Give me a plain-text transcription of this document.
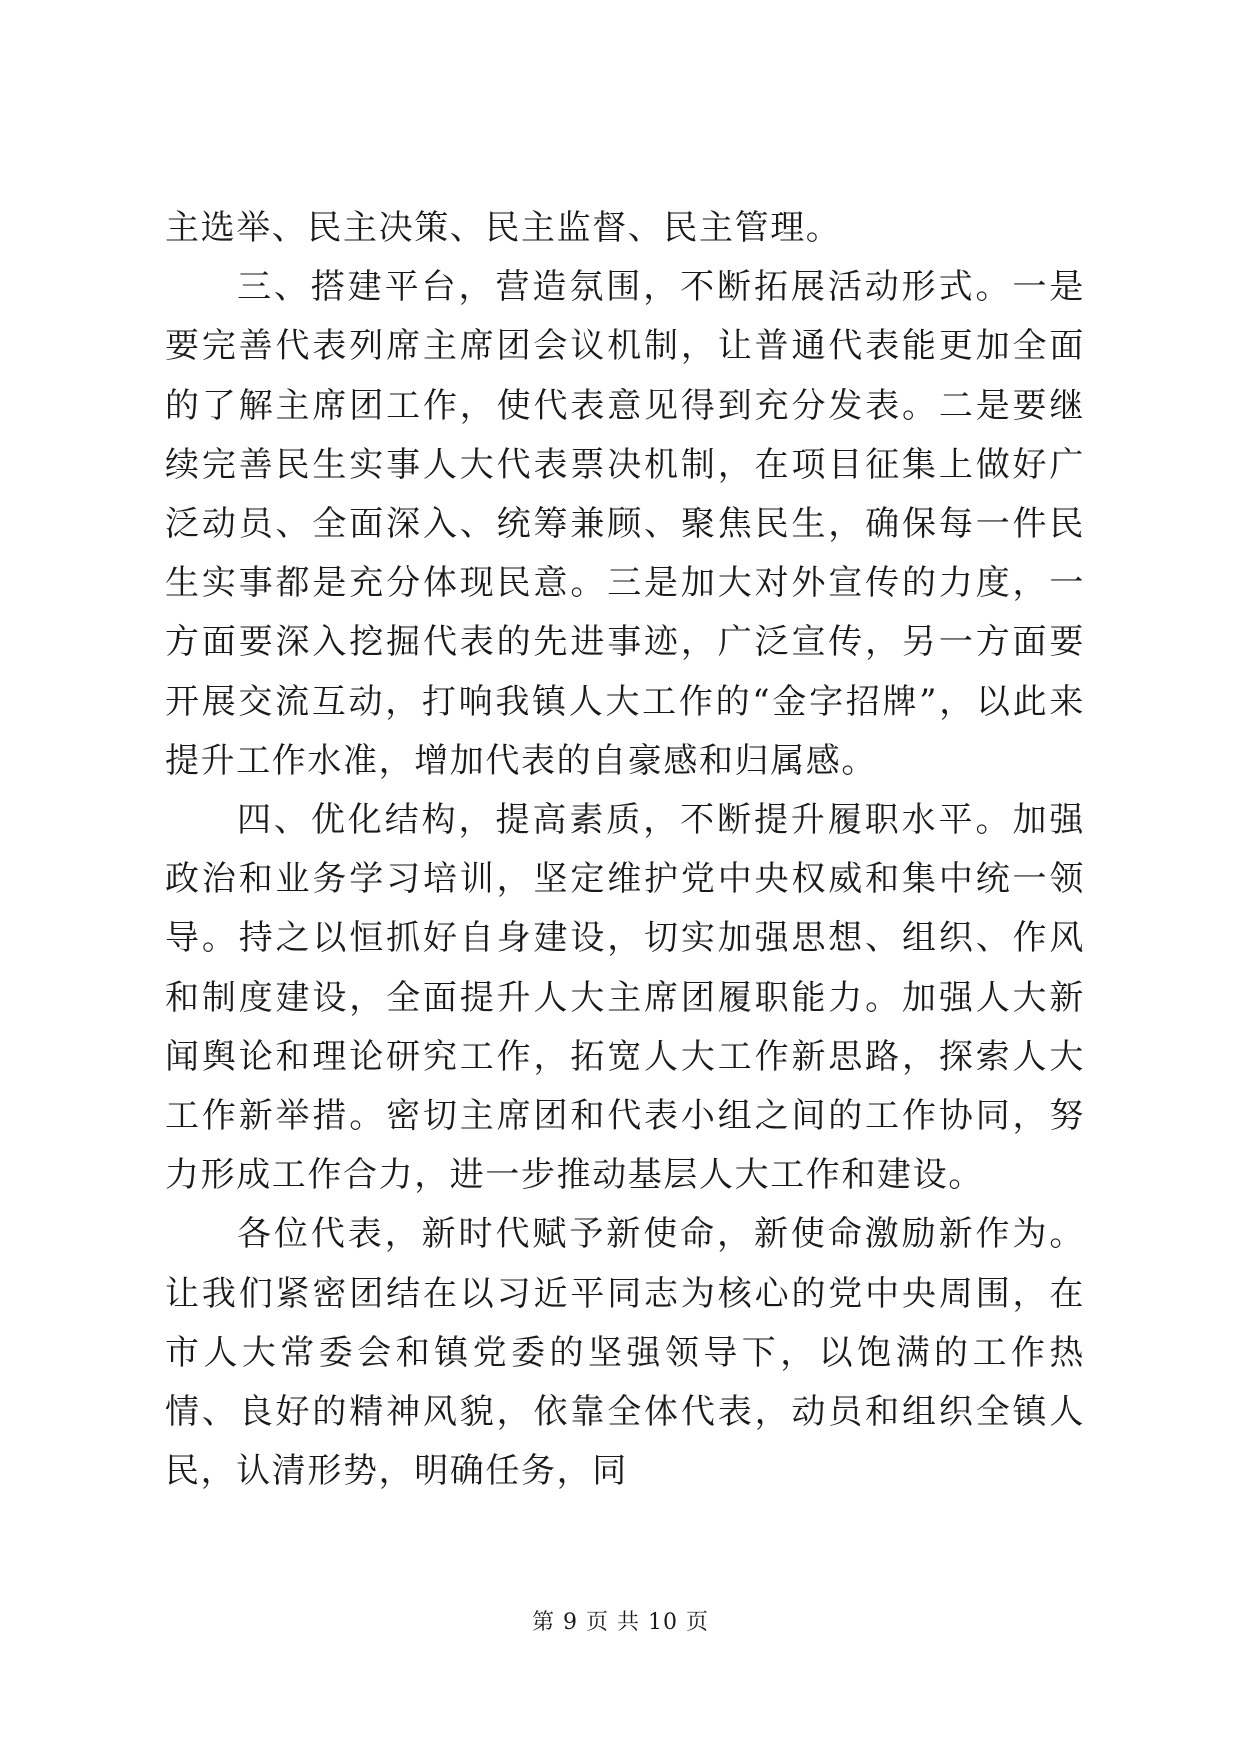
主选举、民主决策、民主监督、民主管理。

三、搭建平台，营造氛围，不断拓展活动形式。一是要完善代表列席主席团会议机制，让普通代表能更加全面的了解主席团工作，使代表意见得到充分发表。二是要继续完善民生实事人大代表票决机制，在项目征集上做好广泛动员、全面深入、统筹兼顾、聚焦民生，确保每一件民生实事都是充分体现民意。三是加大对外宣传的力度，一方面要深入挖掘代表的先进事迹，广泛宣传，另一方面要开展交流互动，打响我镇人大工作的“金字招牌”，以此来提升工作水准，增加代表的自豪感和归属感。

四、优化结构，提高素质，不断提升履职水平。加强政治和业务学习培训，坚定维护党中央权威和集中统一领导。持之以恒抓好自身建设，切实加强思想、组织、作风和制度建设，全面提升人大主席团履职能力。加强人大新闻舆论和理论研究工作，拓宽人大工作新思路，探索人大工作新举措。密切主席团和代表小组之间的工作协同，努力形成工作合力，进一步推动基层人大工作和建设。

各位代表，新时代赋予新使命，新使命激励新作为。让我们紧密团结在以习近平同志为核心的党中央周围，在市人大常委会和镇党委的坚强领导下，以饱满的工作热情、良好的精神风貌，依靠全体代表，动员和组织全镇人民，认清形势，明确任务，同

第 9 页 共 10 页
